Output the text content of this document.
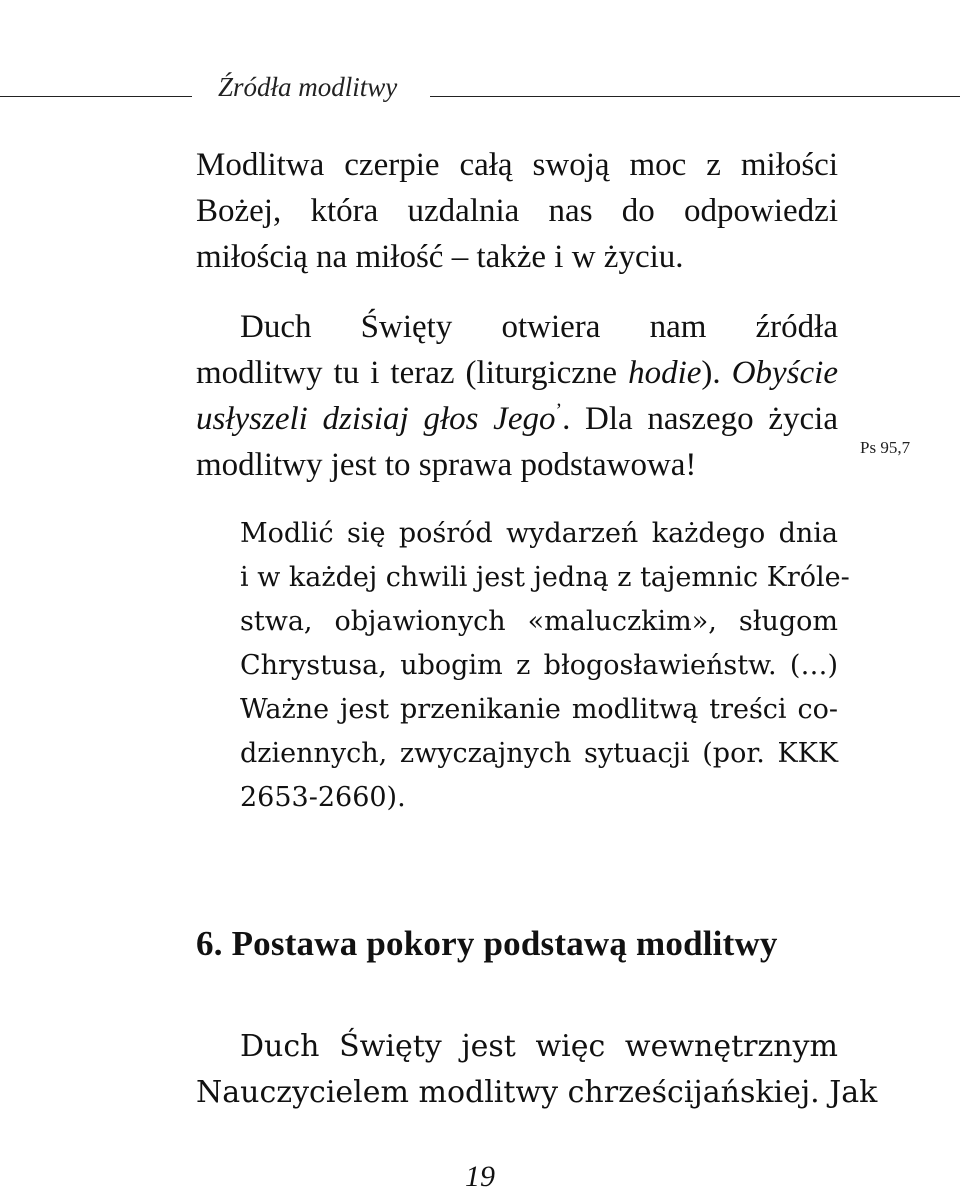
Źródła modlitwy
Modlitwa czerpie całą swoją moc z miłości
Bożej, która uzdalnia nas do odpowiedzi
miłością na miłość – także i w życiu.
Duch Święty otwiera nam źródła
modlitwy tu i teraz (liturgiczne hodie). Obyście
usłyszeli dzisiaj głos Jego$^ʼ$. Dla naszego życia
modlitwy jest to sprawa podstawowa!	Ps 95,7
Modlić się pośród wydarzeń każdego dnia
i w każdej chwili jest jedną z tajemnic Króle-
stwa, objawionych «maluczkim», sługom
Chrystusa, ubogim z błogosławieństw. (…)
Ważne jest przenikanie modlitwą treści co-
dziennych, zwyczajnych sytuacji (por. KKK
2653-2660).
6. Postawa pokory podstawą modlitwy
Duch Święty jest więc wewnętrznym
Nauczycielem modlitwy chrześcijańskiej. Jak
19
